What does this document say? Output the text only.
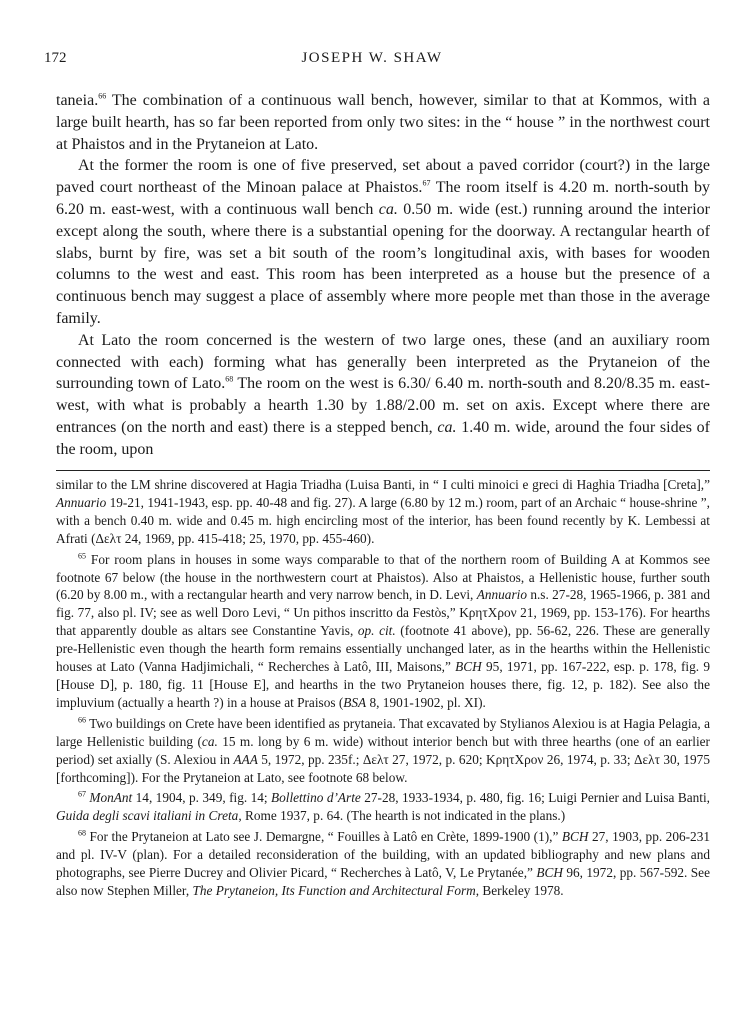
172	JOSEPH W. SHAW

taneia.$^{66}$ The combination of a continuous wall bench, however, similar to that at Kommos, with a large built hearth, has so far been reported from only two sites: in the “ house ” in the northwest court at Phaistos and in the Prytaneion at Lato.

At the former the room is one of five preserved, set about a paved corridor (court?) in the large paved court northeast of the Minoan palace at Phaistos.$^{67}$ The room itself is 4.20 m. north-south by 6.20 m. east-west, with a continuous wall bench ca. 0.50 m. wide (est.) running around the interior except along the south, where there is a substantial opening for the doorway. A rectangular hearth of slabs, burnt by fire, was set a bit south of the room’s longitudinal axis, with bases for wooden columns to the west and east. This room has been interpreted as a house but the presence of a continuous bench may suggest a place of assembly where more people met than those in the average family.

At Lato the room concerned is the western of two large ones, these (and an auxiliary room connected with each) forming what has generally been interpreted as the Prytaneion of the surrounding town of Lato.$^{68}$ The room on the west is 6.30/ 6.40 m. north-south and 8.20/8.35 m. east-west, with what is probably a hearth 1.30 by 1.88/2.00 m. set on axis. Except where there are entrances (on the north and east) there is a stepped bench, ca. 1.40 m. wide, around the four sides of the room, upon

similar to the LM shrine discovered at Hagia Triadha (Luisa Banti, in “ I culti minoici e greci di Haghia Triadha [Creta],” Annuario 19-21, 1941-1943, esp. pp. 40-48 and fig. 27). A large (6.80 by 12 m.) room, part of an Archaic “ house-shrine ”, with a bench 0.40 m. wide and 0.45 m. high encircling most of the interior, has been found recently by K. Lembessi at Afrati (Δελτ 24, 1969, pp. 415-418; 25, 1970, pp. 455-460).

$^{65}$ For room plans in houses in some ways comparable to that of the northern room of Building A at Kommos see footnote 67 below (the house in the northwestern court at Phaistos). Also at Phaistos, a Hellenistic house, further south (6.20 by 8.00 m., with a rectangular hearth and very narrow bench, in D. Levi, Annuario n.s. 27-28, 1965-1966, p. 381 and fig. 77, also pl. IV; see as well Doro Levi, “ Un pithos inscritto da Festòs,” ΚρητΧρον 21, 1969, pp. 153-176). For hearths that apparently double as altars see Constantine Yavis, op. cit. (footnote 41 above), pp. 56-62, 226. These are generally pre-Hellenistic even though the hearth form remains essentially unchanged later, as in the hearths within the Hellenistic houses at Lato (Vanna Hadjimichali, “ Recherches à Latô, III, Maisons,” BCH 95, 1971, pp. 167-222, esp. p. 178, fig. 9 [House D], p. 180, fig. 11 [House E], and hearths in the two Prytaneion houses there, fig. 12, p. 182). See also the impluvium (actually a hearth ?) in a house at Praisos (BSA 8, 1901-1902, pl. XI).

$^{66}$ Two buildings on Crete have been identified as prytaneia. That excavated by Stylianos Alexiou is at Hagia Pelagia, a large Hellenistic building (ca. 15 m. long by 6 m. wide) without interior bench but with three hearths (one of an earlier period) set axially (S. Alexiou in AAA 5, 1972, pp. 235f.; Δελτ 27, 1972, p. 620; ΚρητΧρον 26, 1974, p. 33; Δελτ 30, 1975 [forthcoming]). For the Prytaneion at Lato, see footnote 68 below.

$^{67}$ MonAnt 14, 1904, p. 349, fig. 14; Bollettino d’Arte 27-28, 1933-1934, p. 480, fig. 16; Luigi Pernier and Luisa Banti, Guida degli scavi italiani in Creta, Rome 1937, p. 64. (The hearth is not indicated in the plans.)

$^{68}$ For the Prytaneion at Lato see J. Demargne, “ Fouilles à Latô en Crète, 1899-1900 (1),” BCH 27, 1903, pp. 206-231 and pl. IV-V (plan). For a detailed reconsideration of the building, with an updated bibliography and new plans and photographs, see Pierre Ducrey and Olivier Picard, “ Recherches à Latô, V, Le Prytanée,” BCH 96, 1972, pp. 567-592. See also now Stephen Miller, The Prytaneion, Its Function and Architectural Form, Berkeley 1978.
